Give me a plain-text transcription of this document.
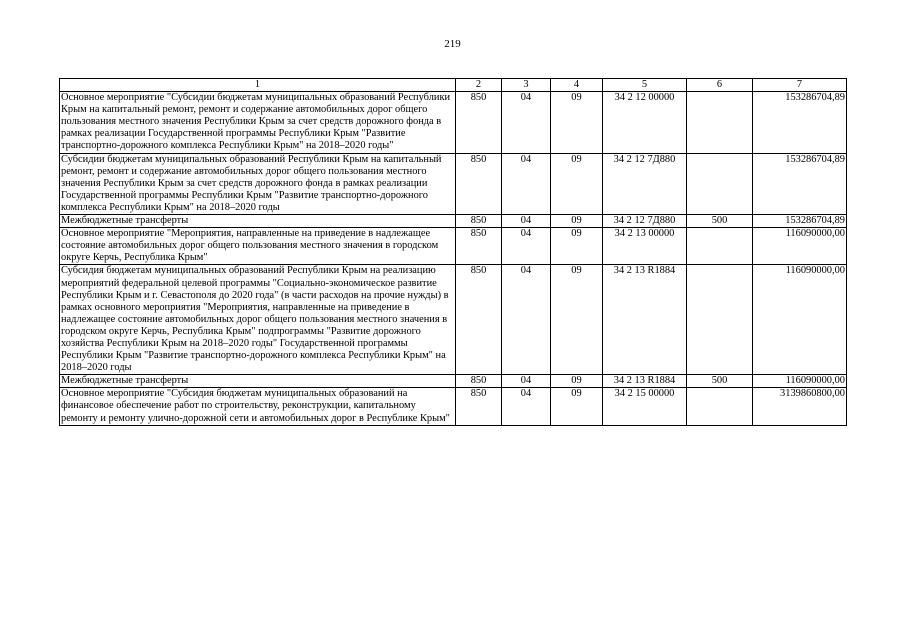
219
1	2	3	4	5	6	7
Основное мероприятие "Субсидии бюджетам муниципальных образований Республики Крым на капитальный ремонт, ремонт и содержание автомобильных дорог общего пользования местного значения Республики Крым за счет средств дорожного фонда в рамках реализации Государственной программы Республики Крым "Развитие транспортно-дорожного комплекса Республики Крым" на 2018–2020 годы"	850	04	09	34 2 12 00000		153286704,89
Субсидии бюджетам муниципальных образований Республики Крым на капитальный ремонт, ремонт и содержание автомобильных дорог общего пользования местного значения Республики Крым за счет средств дорожного фонда в рамках реализации Государственной программы Республики Крым "Развитие транспортно-дорожного комплекса Республики Крым" на 2018–2020 годы	850	04	09	34 2 12 7Д880		153286704,89
Межбюджетные трансферты	850	04	09	34 2 12 7Д880	500	153286704,89
Основное мероприятие "Мероприятия, направленные на приведение в надлежащее состояние автомобильных дорог общего пользования местного значения в городском округе Керчь, Республика Крым"	850	04	09	34 2 13 00000		116090000,00
Субсидия бюджетам муниципальных образований Республики Крым на реализацию мероприятий федеральной целевой программы "Социально-экономическое развитие Республики Крым и г. Севастополя до 2020 года" (в части расходов на прочие нужды) в рамках основного мероприятия "Мероприятия, направленные на приведение в надлежащее состояние автомобильных дорог общего пользования местного значения в городском округе Керчь, Республика Крым" подпрограммы "Развитие дорожного хозяйства Республики Крым на 2018–2020 годы" Государственной программы Республики Крым "Развитие транспортно-дорожного комплекса Республики Крым" на 2018–2020 годы	850	04	09	34 2 13 R1884		116090000,00
Межбюджетные трансферты	850	04	09	34 2 13 R1884	500	116090000,00
Основное мероприятие "Субсидия бюджетам муниципальных образований на финансовое обеспечение работ по строительству, реконструкции, капитальному ремонту и ремонту улично-дорожной сети и автомобильных дорог в Республике Крым"	850	04	09	34 2 15 00000		3139860800,00
